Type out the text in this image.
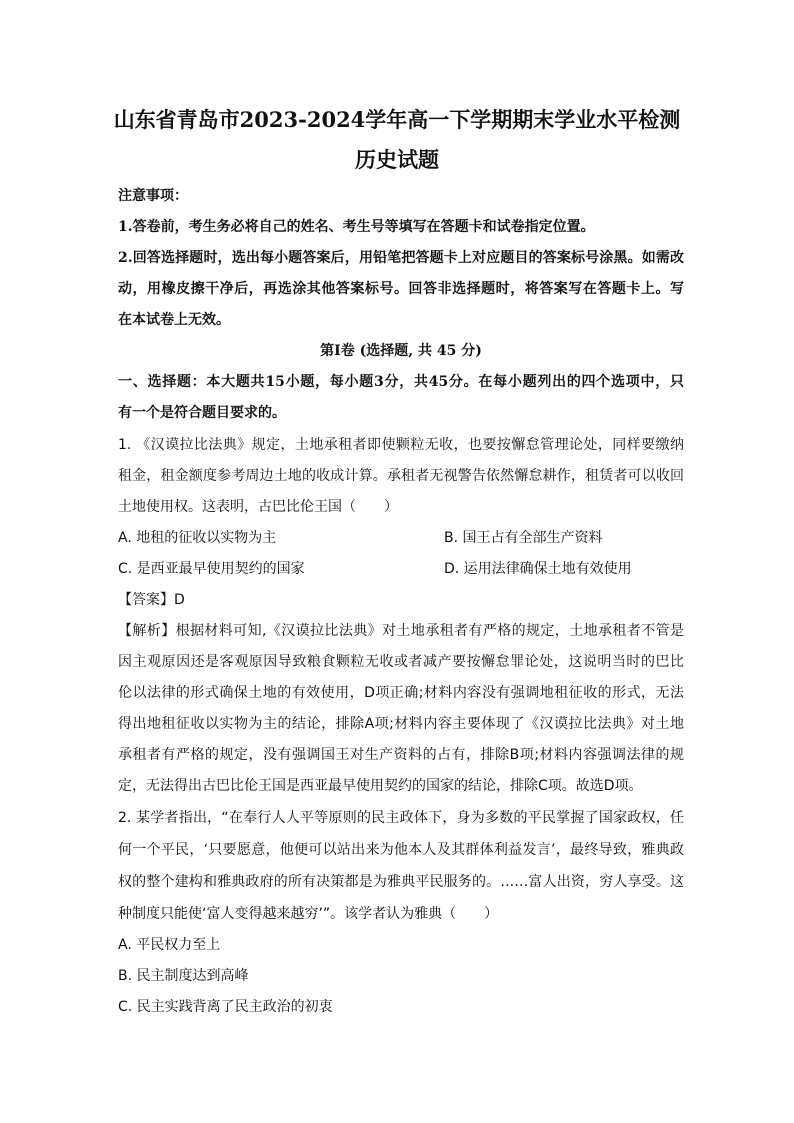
山东省青岛市2023-2024学年高一下学期期末学业水平检测
历史试题
注意事项：
1.答卷前，考生务必将自己的姓名、考生号等填写在答题卡和试卷指定位置。
2.回答选择题时，选出每小题答案后，用铅笔把答题卡上对应题目的答案标号涂黑。如需改
动，用橡皮擦干净后，再选涂其他答案标号。回答非选择题时，将答案写在答题卡上。写
在本试卷上无效。
第Ⅰ卷 (选择题, 共 45 分)
一、选择题：本大题共15小题，每小题3分，共45分。在每小题列出的四个选项中，只
有一个是符合题目要求的。
1. 《汉谟拉比法典》规定，土地承租者即使颗粒无收，也要按懈怠管理论处，同样要缴纳
租金，租金额度参考周边土地的收成计算。承租者无视警告依然懈怠耕作，租赁者可以收回
土地使用权。这表明，古巴比伦王国（　　）
A. 地租的征收以实物为主	B. 国王占有全部生产资料
C. 是西亚最早使用契约的国家	D. 运用法律确保土地有效使用
【答案】D
【解析】根据材料可知,《汉谟拉比法典》对土地承租者有严格的规定，土地承租者不管是
因主观原因还是客观原因导致粮食颗粒无收或者减产要按懈怠罪论处，这说明当时的巴比
伦以法律的形式确保土地的有效使用，D项正确;材料内容没有强调地租征收的形式，无法
得出地租征收以实物为主的结论，排除A项;材料内容主要体现了《汉谟拉比法典》对土地
承租者有严格的规定，没有强调国王对生产资料的占有，排除B项;材料内容强调法律的规
定，无法得出古巴比伦王国是西亚最早使用契约的国家的结论，排除C项。故选D项。
2. 某学者指出，“在奉行人人平等原则的民主政体下，身为多数的平民掌握了国家政权，任
何一个平民，‘只要愿意，他便可以站出来为他本人及其群体利益发言’，最终导致，雅典政
权的整个建构和雅典政府的所有决策都是为雅典平民服务的。……富人出资，穷人享受。这
种制度只能使‘富人变得越来越穷’”。该学者认为雅典（　　）
A. 平民权力至上
B. 民主制度达到高峰
C. 民主实践背离了民主政治的初衷
